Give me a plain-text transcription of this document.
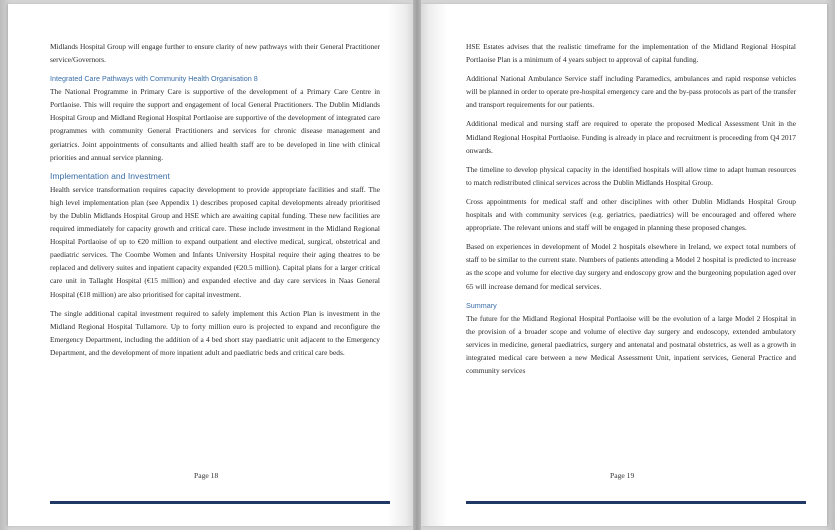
Midlands Hospital Group will engage further to ensure clarity of new pathways with their General Practitioner service/Governors.

Integrated Care Pathways with Community Health Organisation 8

The National Programme in Primary Care is supportive of the development of a Primary Care Centre in Portlaoise. This will require the support and engagement of local General Practitioners. The Dublin Midlands Hospital Group and Midland Regional Hospital Portlaoise are supportive of the development of integrated care programmes with community General Practitioners and services for chronic disease management and geriatrics. Joint appointments of consultants and allied health staff are to be developed in line with clinical priorities and annual service planning.

Implementation and Investment

Health service transformation requires capacity development to provide appropriate facilities and staff. The high level implementation plan (see Appendix 1) describes proposed capital developments already prioritised by the Dublin Midlands Hospital Group and HSE which are awaiting capital funding. These new facilities are required immediately for capacity growth and critical care. These include investment in the Midland Regional Hospital Portlaoise of up to €20 million to expand outpatient and elective medical, surgical, obstetrical and paediatric services. The Coombe Women and Infants University Hospital require their aging theatres to be replaced and delivery suites and inpatient capacity expanded (€20.5 million). Capital plans for a larger critical care unit in Tallaght Hospital (€15 million) and expanded elective and day care services in Naas General Hospital (€18 million) are also prioritised for capital investment.

The single additional capital investment required to safely implement this Action Plan is investment in the Midland Regional Hospital Tullamore. Up to forty million euro is projected to expand and reconfigure the Emergency Department, including the addition of a 4 bed short stay paediatric unit adjacent to the Emergency Department, and the development of more inpatient adult and paediatric beds and critical care beds.

Page 18

HSE Estates advises that the realistic timeframe for the implementation of the Midland Regional Hospital Portlaoise Plan is a minimum of 4 years subject to approval of capital funding.

Additional National Ambulance Service staff including Paramedics, ambulances and rapid response vehicles will be planned in order to operate pre-hospital emergency care and the by-pass protocols as part of the transfer and transport requirements for our patients.

Additional medical and nursing staff are required to operate the proposed Medical Assessment Unit in the Midland Regional Hospital Portlaoise. Funding is already in place and recruitment is proceeding from Q4 2017 onwards.

The timeline to develop physical capacity in the identified hospitals will allow time to adapt human resources to match redistributed clinical services across the Dublin Midlands Hospital Group.

Cross appointments for medical staff and other disciplines with other Dublin Midlands Hospital Group hospitals and with community services (e.g. geriatrics, paediatrics) will be encouraged and offered where appropriate. The relevant unions and staff will be engaged in planning these proposed changes.

Based on experiences in development of Model 2 hospitals elsewhere in Ireland, we expect total numbers of staff to be similar to the current state. Numbers of patients attending a Model 2 hospital is predicted to increase as the scope and volume for elective day surgery and endoscopy grow and the burgeoning population aged over 65 will increase demand for medical services.

Summary

The future for the Midland Regional Hospital Portlaoise will be the evolution of a large Model 2 Hospital in the provision of a broader scope and volume of elective day surgery and endoscopy, extended ambulatory services in medicine, general paediatrics, surgery and antenatal and postnatal obstetrics, as well as a growth in integrated medical care between a new Medical Assessment Unit, inpatient services, General Practice and community services

Page 19
